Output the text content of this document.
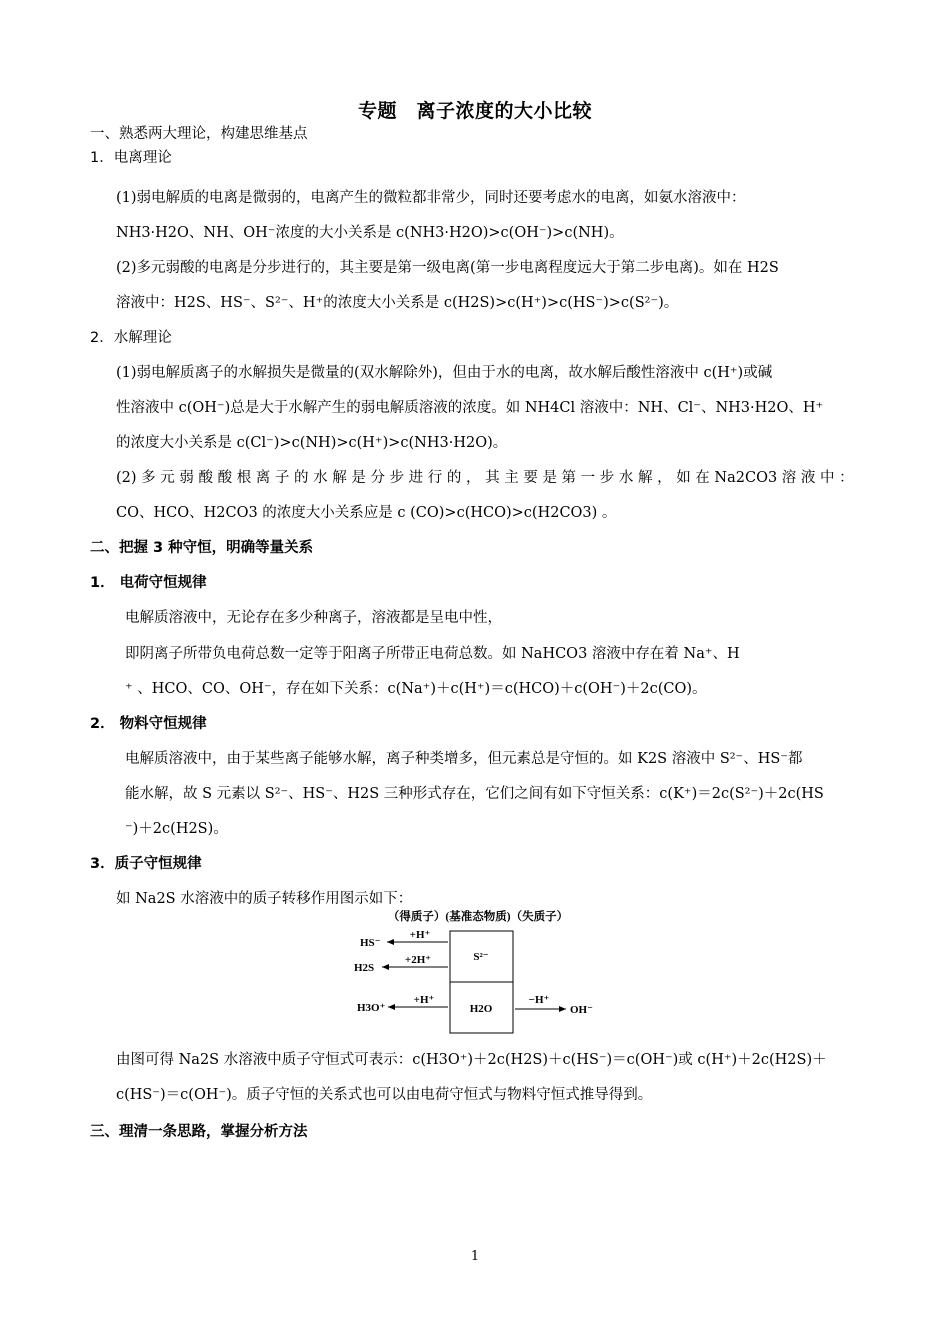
专题　离子浓度的大小比较
一、熟悉两大理论，构建思维基点
1．电离理论
(1)弱电解质的电离是微弱的，电离产生的微粒都非常少，同时还要考虑水的电离，如氨水溶液中：
NH3·H2O、NH、OH⁻浓度的大小关系是 c(NH3·H2O)>c(OH⁻)>c(NH)。
(2)多元弱酸的电离是分步进行的，其主要是第一级电离(第一步电离程度远大于第二步电离)。如在 H2S
溶液中：H2S、HS⁻、S²⁻、H⁺的浓度大小关系是 c(H2S)>c(H⁺)>c(HS⁻)>c(S²⁻)。
2．水解理论
(1)弱电解质离子的水解损失是微量的(双水解除外)，但由于水的电离，故水解后酸性溶液中 c(H⁺)或碱
性溶液中 c(OH⁻)总是大于水解产生的弱电解质溶液的浓度。如 NH4Cl 溶液中：NH、Cl⁻、NH3·H2O、H⁺
的浓度大小关系是 c(Cl⁻)>c(NH)>c(H⁺)>c(NH3·H2O)。
(2) 多 元 弱 酸 酸 根 离 子 的 水 解 是 分 步 进 行 的 ， 其 主 要 是 第 一 步 水 解 ， 如 在 Na2CO3 溶 液 中 ：
CO、HCO、H2CO3 的浓度大小关系应是 c (CO)>c(HCO)>c(H2CO3) 。
二、把握 3 种守恒，明确等量关系
1． 电荷守恒规律
电解质溶液中，无论存在多少种离子，溶液都是呈电中性，
即阴离子所带负电荷总数一定等于阳离子所带正电荷总数。如 NaHCO3 溶液中存在着 Na⁺、H
⁺ 、HCO、CO、OH⁻，存在如下关系：c(Na⁺)＋c(H⁺)＝c(HCO)＋c(OH⁻)＋2c(CO)。
2． 物料守恒规律
电解质溶液中，由于某些离子能够水解，离子种类增多，但元素总是守恒的。如 K2S 溶液中 S²⁻、HS⁻都
能水解，故 S 元素以 S²⁻、HS⁻、H2S 三种形式存在，它们之间有如下守恒关系：c(K⁺)＝2c(S²⁻)＋2c(HS
⁻)＋2c(H2S)。
3．质子守恒规律
如 Na2S 水溶液中的质子转移作用图示如下：
（得质子）(基准态物质)（失质子）
S²⁻
H2O
+H⁺
HS⁻
+2H⁺
H2S
+H⁺
H3O⁺
−H⁺
OH⁻
由图可得 Na2S 水溶液中质子守恒式可表示：c(H3O⁺)＋2c(H2S)＋c(HS⁻)＝c(OH⁻)或 c(H⁺)＋2c(H2S)＋
c(HS⁻)＝c(OH⁻)。质子守恒的关系式也可以由电荷守恒式与物料守恒式推导得到。
三、理清一条思路，掌握分析方法
1
